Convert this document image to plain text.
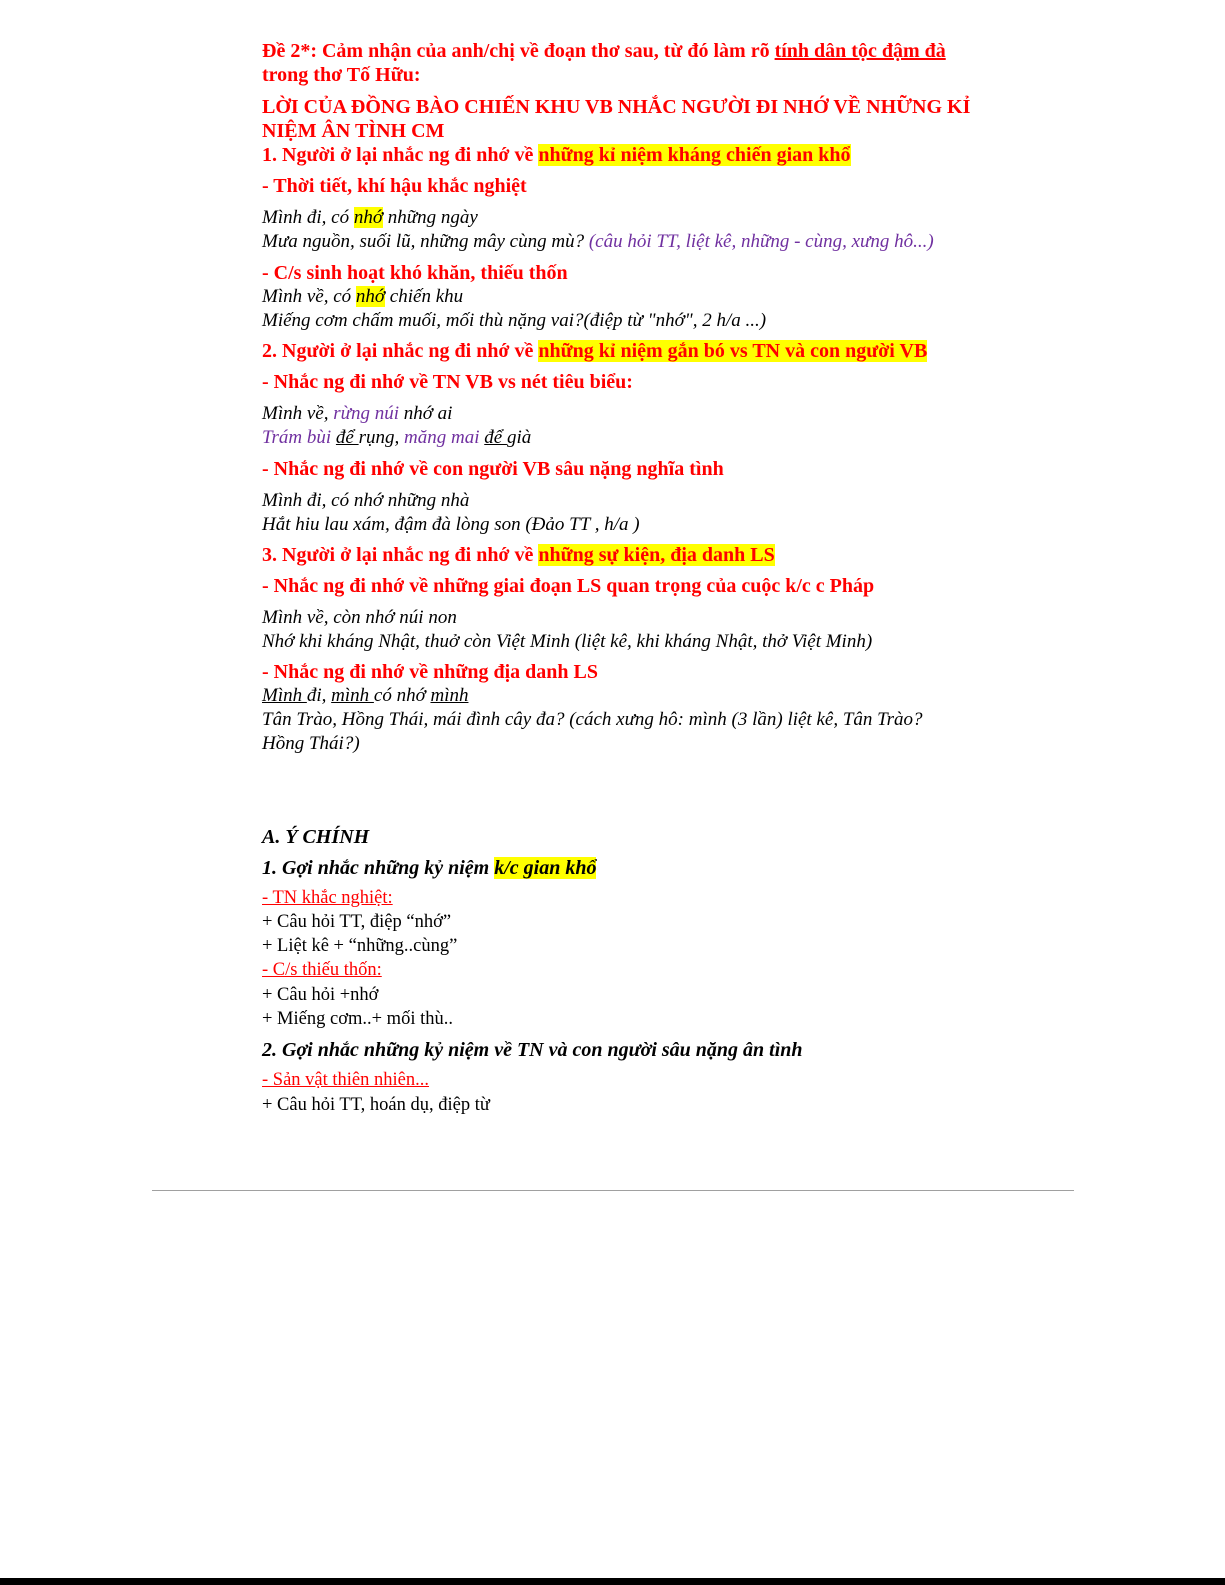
Đề 2*: Cảm nhận của anh/chị về đoạn thơ sau, từ đó làm rõ tính dân tộc đậm đà
trong thơ Tố Hữu:
LỜI CỦA ĐỒNG BÀO CHIẾN KHU VB NHẮC NGƯỜI ĐI NHỚ VỀ NHỮNG KỈ
NIỆM ÂN TÌNH CM
1. Người ở lại nhắc ng đi nhớ về những kỉ niệm kháng chiến gian khổ
- Thời tiết, khí hậu khắc nghiệt
Mình đi, có nhớ những ngày
Mưa nguồn, suối lũ, những mây cùng mù? (câu hỏi TT, liệt kê, những - cùng, xưng hô...)
- C/s sinh hoạt khó khăn, thiếu thốn
Mình về, có nhớ chiến khu
Miếng cơm chấm muối, mối thù nặng vai?(điệp từ "nhớ", 2 h/a ...)
2. Người ở lại nhắc ng đi nhớ về những kỉ niệm gắn bó vs TN và con người VB
- Nhắc ng đi nhớ về TN VB vs nét tiêu biểu:
Mình về, rừng núi nhớ ai
Trám bùi để rụng, măng mai để già
- Nhắc ng đi nhớ về con người VB sâu nặng nghĩa tình
Mình đi, có nhớ những nhà
Hắt hiu lau xám, đậm đà lòng son (Đảo TT , h/a )
3. Người ở lại nhắc ng đi nhớ về những sự kiện, địa danh LS
- Nhắc ng đi nhớ về những giai đoạn LS quan trọng của cuộc k/c c Pháp
Mình về, còn nhớ núi non
Nhớ khi kháng Nhật, thuở còn Việt Minh (liệt kê, khi kháng Nhật, thở Việt Minh)
- Nhắc ng đi nhớ về những địa danh LS
Mình đi, mình có nhớ mình
Tân Trào, Hồng Thái, mái đình cây đa? (cách xưng hô: mình (3 lần) liệt kê, Tân Trào?
Hồng Thái?)
A. Ý CHÍNH
1. Gợi nhắc những kỷ niệm k/c gian khổ
- TN khắc nghiệt:
+ Câu hỏi TT, điệp “nhớ”
+ Liệt kê + “những..cùng”
- C/s thiếu thốn:
+ Câu hỏi +nhớ
+ Miếng cơm..+ mối thù..
2. Gợi nhắc những kỷ niệm về TN và con người sâu nặng ân tình
- Sản vật thiên nhiên...
+ Câu hỏi TT, hoán dụ, điệp từ
